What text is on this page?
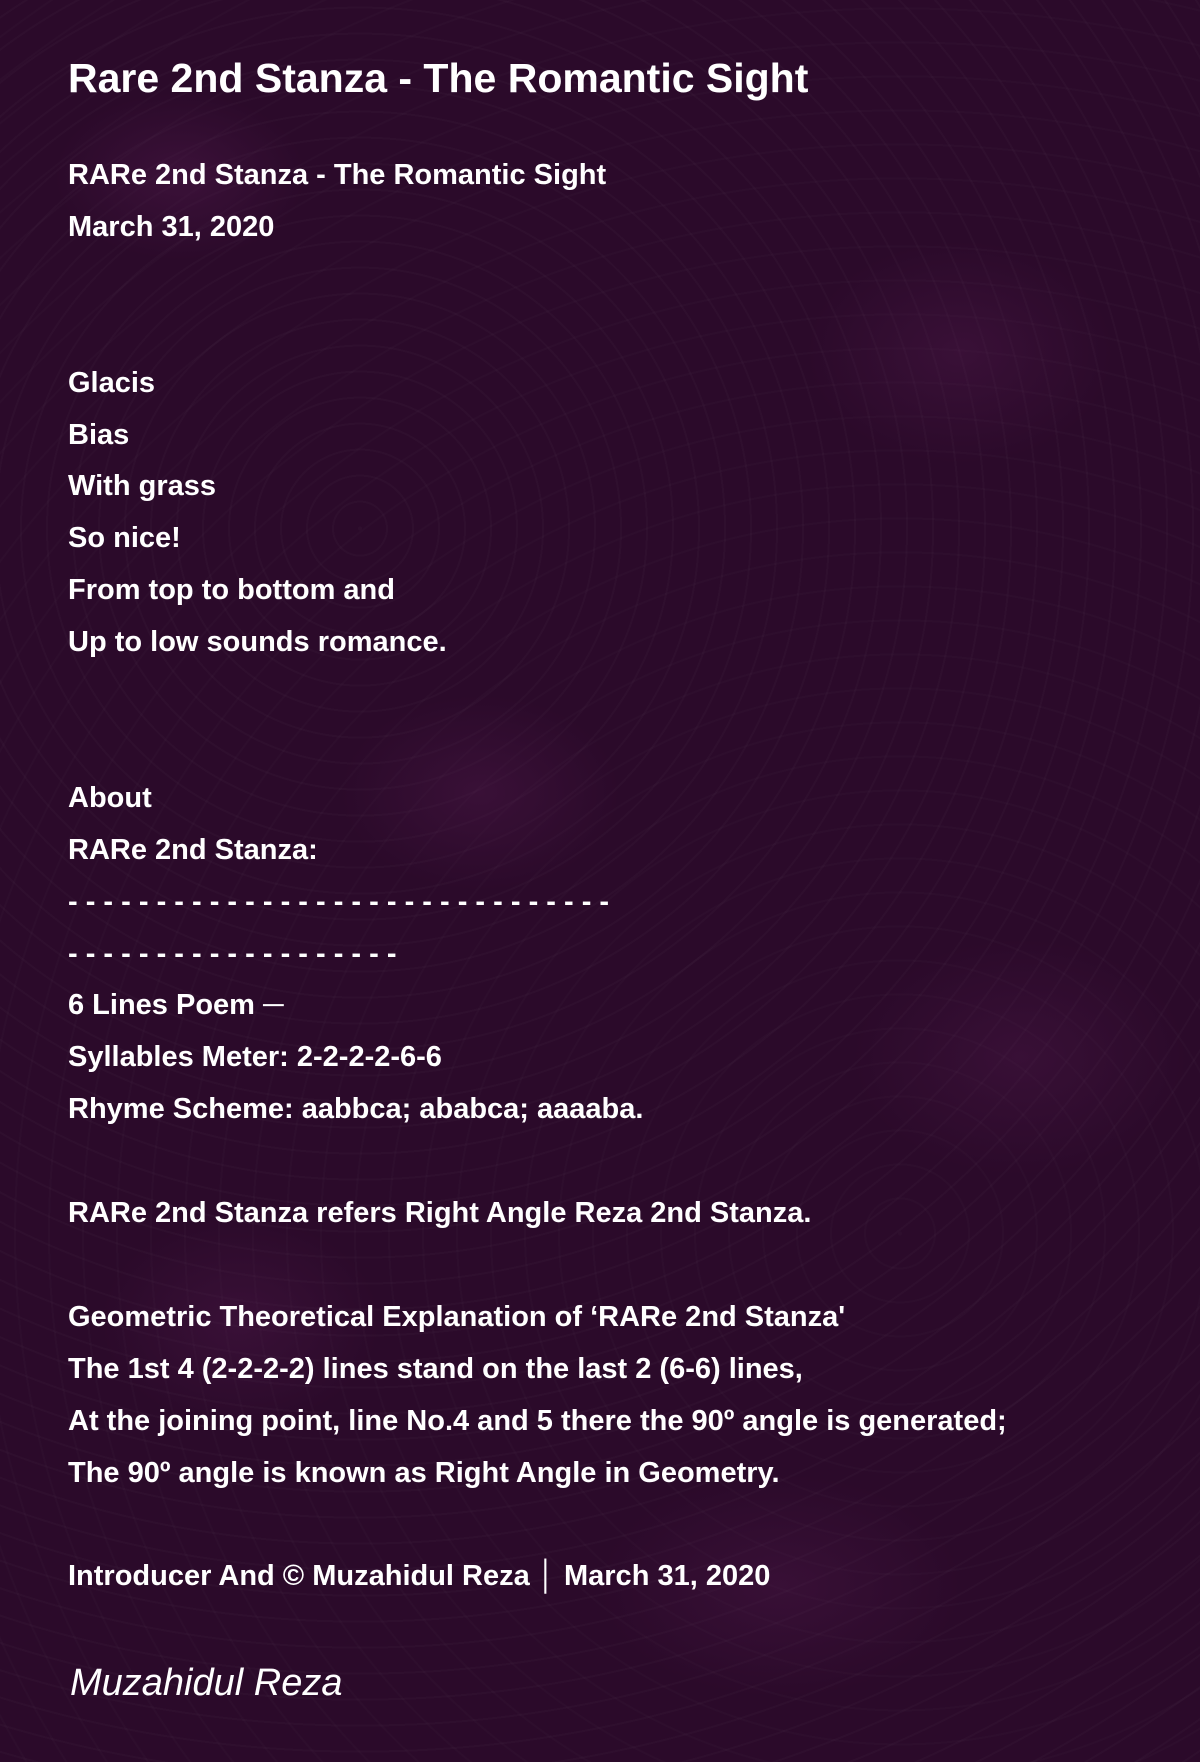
Rare 2nd Stanza - The Romantic Sight
RARe 2nd Stanza - The Romantic Sight
March 31, 2020
Glacis
Bias
With grass
So nice!
From top to bottom and
Up to low sounds romance.
About
RARe 2nd Stanza:
- - - - - - - - - - - - - - - - - - - - - - - - - - - - - - -
- - - - - - - - - - - - - - - - - - -
6 Lines Poem ─
Syllables Meter: 2-2-2-2-6-6
Rhyme Scheme: aabbca; ababca; aaaaba.
RARe 2nd Stanza refers Right Angle Reza 2nd Stanza.
Geometric Theoretical Explanation of ‘RARe 2nd Stanza'
The 1st 4 (2-2-2-2) lines stand on the last 2 (6-6) lines,
At the joining point, line No.4 and 5 there the 90º angle is generated;
The 90º angle is known as Right Angle in Geometry.
Introducer And © Muzahidul Reza │ March 31, 2020
Muzahidul Reza
